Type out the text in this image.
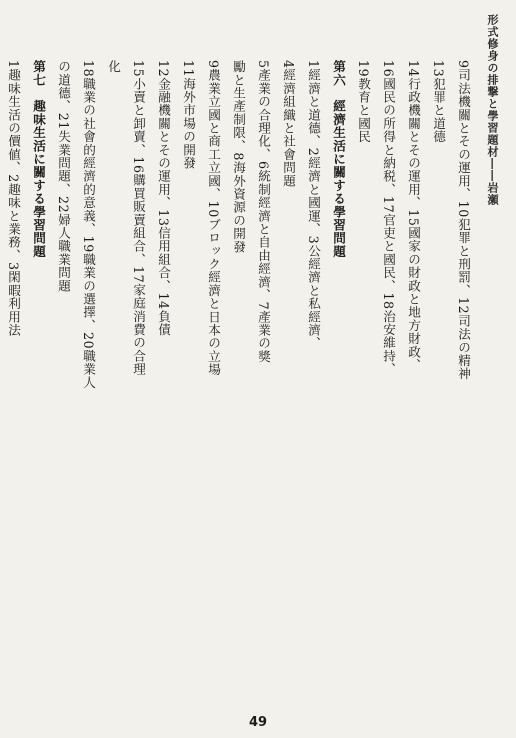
形式修身の排撃と學習題材――岩瀬
9司法機關とその運用、10犯罪と刑罰、12司法の精神
13犯罪と道德
14行政機關とその運用、15國家の財政と地方財政、
16國民の所得と納税、17官吏と國民、18治安維持、
19教育と國民
第六　經濟生活に關する學習問題
1經濟と道德、2經濟と國運、3公經濟と私經濟、
4經濟組織と社會問題
5產業の合理化、6統制經濟と自由經濟、7產業の獎
勵と生產制限、8海外資源の開發
9農業立國と商工立國、10ブロック經濟と日本の立場
11海外市場の開發
12金融機關とその運用、13信用組合、14負債
15小賣と卸賣、16購買販賣組合、17家庭消費の合理
化
18職業の社會的經濟的意義、19職業の選擇、20職業人
の道德、21失業問題、22婦人職業問題
第七　趣味生活に關する學習問題
1趣味生活の價値、2趣味と業務、3閑暇利用法
49
